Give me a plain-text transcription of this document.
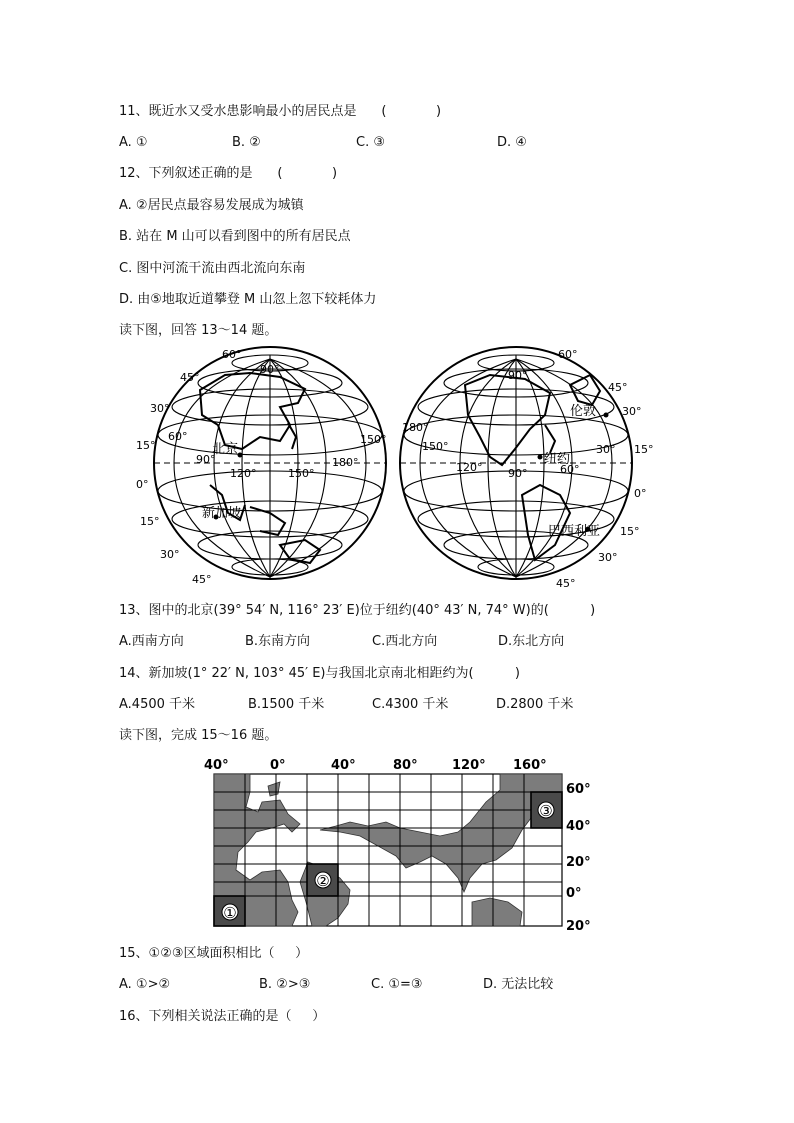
11、既近水又受水患影响最小的居民点是      (            )
A. ①	B. ②	C. ③	D. ④
12、下列叙述正确的是      (            )
A. ②居民点最容易发展成为城镇
B. 站在 M 山可以看到图中的所有居民点
C. 图中河流干流由西北流向东南
D. 由⑤地取近道攀登 M 山忽上忽下较耗体力
读下图，回答 13～14 题。
60°
45°
30°
15°
0°
15°
30°
45°
90°
60°
90°
120°	150°
180°
150°
北京
新加坡
60°
45°
30°
15°
0°
15°
30°
45°
90°
180°
150°
120° 90°	60°
30°
伦敦
纽约
巴西利亚
13、图中的北京(39° 54′ N, 116° 23′ E)位于纽约(40° 43′ N, 74° W)的(          )
A.西南方向	B.东南方向	C.西北方向	D.东北方向
14、新加坡(1° 22′ N, 103° 45′ E)与我国北京南北相距约为(          )
A.4500 千米	B.1500 千米	C.4300 千米	D.2800 千米
读下图，完成 15～16 题。
40°	0°	40°	80°	120° 160°
60°
40°
20°
0°
20°
①
②
③
15、①②③区域面积相比（     ）
A. ①>②	B. ②>③	C. ①=③	D. 无法比较
16、下列相关说法正确的是（     ）
